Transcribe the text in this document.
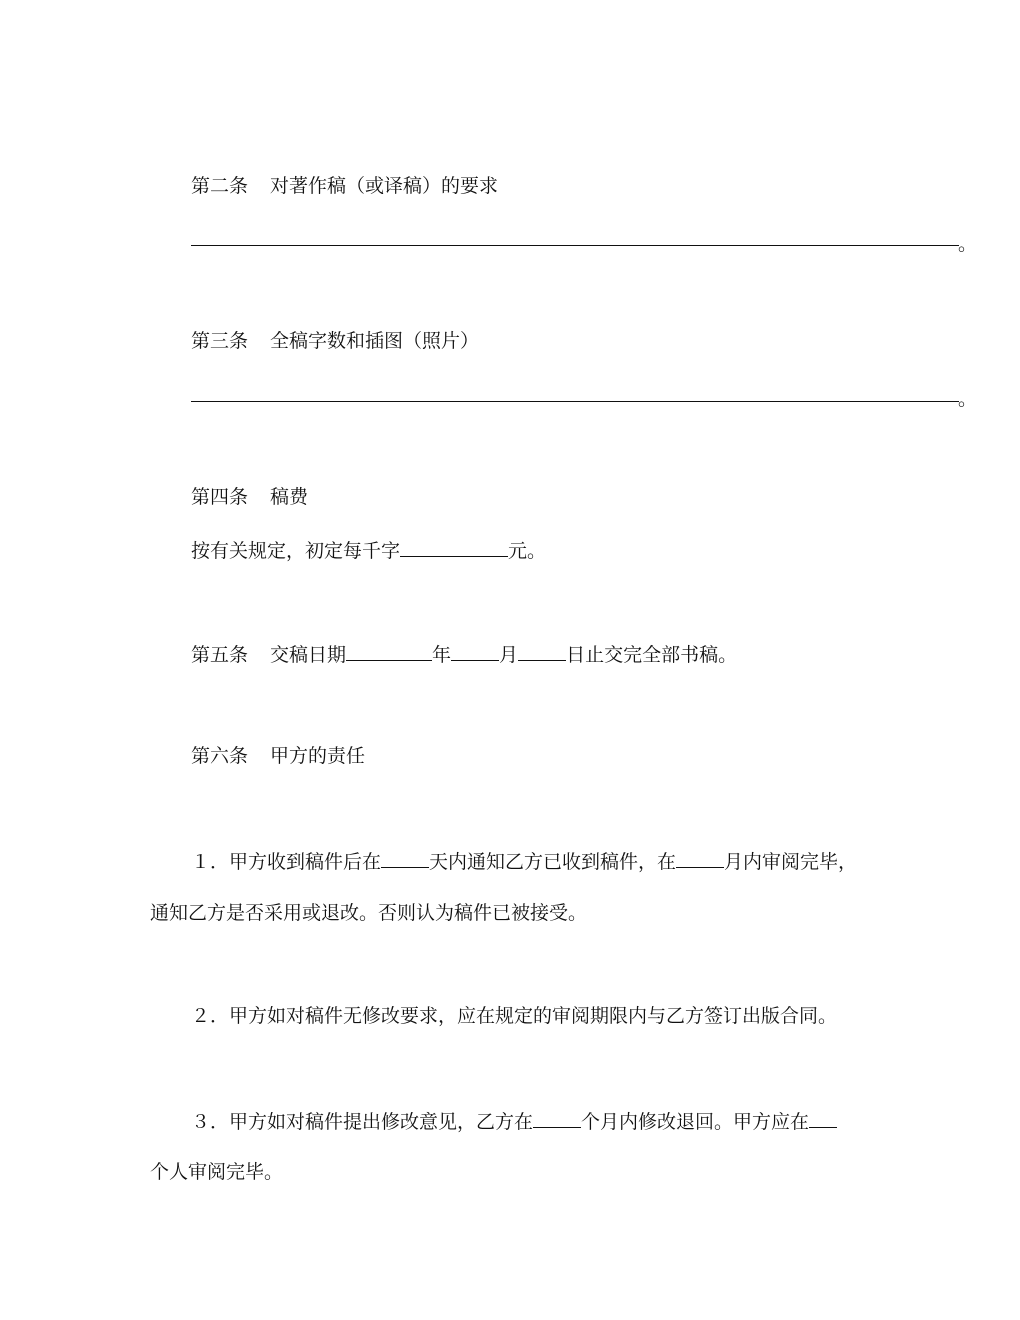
第二条 对著作稿（或译稿）的要求
。
第三条 全稿字数和插图（照片）
。
第四条 稿费
按有关规定，初定每千字	元。
第五条 交稿日期	年	月	日止交完全部书稿。
第六条 甲方的责任
１．甲方收到稿件后在	天内通知乙方已收到稿件，在	月内审阅完毕，
通知乙方是否采用或退改。否则认为稿件已被接受。
２．甲方如对稿件无修改要求，应在规定的审阅期限内与乙方签订出版合同。
３．甲方如对稿件提出修改意见，乙方在	个月内修改退回。甲方应在
个人审阅完毕。
